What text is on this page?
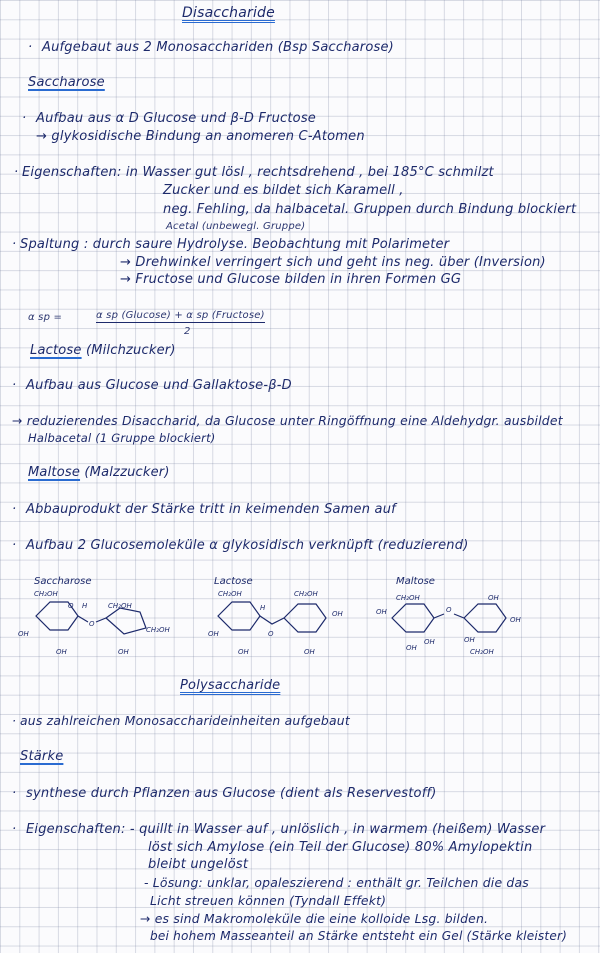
Disaccharide
· Aufgebaut aus 2 Monosacchariden (Bsp Saccharose)
Saccharose
· Aufbau aus α D Glucose und β-D Fructose
→ glykosidische Bindung an anomeren C-Atomen
· Eigenschaften: in Wasser gut lösl , rechtsdrehend , bei 185°C schmilzt
Zucker und es bildet sich Karamell ,
neg. Fehling, da halbacetal. Gruppen durch Bindung blockiert
Acetal (unbewegl. Gruppe)
· Spaltung : durch saure Hydrolyse. Beobachtung mit Polarimeter
→ Drehwinkel verringert sich und geht ins neg. über (Inversion)
→ Fructose und Glucose bilden in ihren Formen GG
α sp =	α sp (Glucose) + α sp (Fructose)
2
Lactose (Milchzucker)
· Aufbau aus Glucose und Gallaktose-β-D
→ reduzierendes Disaccharid, da Glucose unter Ringöffnung eine Aldehydgr. ausbildet
Halbacetal (1 Gruppe blockiert)
Maltose (Malzzucker)
· Abbauprodukt der Stärke tritt in keimenden Samen auf
· Aufbau 2 Glucosemoleküle α glykosidisch verknüpft (reduzierend)
Saccharose
CH₂OH
OH
OH
O H
O
CH₂OH
CH₂OH
OH
Lactose
CH₂OH
OH
OH
H
O
CH₂OH
OH
OH
Maltose
CH₂OH
OH
OH
OH
O
OH
OH
OH
CH₂OH
Polysaccharide
· aus zahlreichen Monosaccharideinheiten aufgebaut
Stärke
· synthese durch Pflanzen aus Glucose (dient als Reservestoff)
· Eigenschaften: - quillt in Wasser auf , unlöslich , in warmem (heißem) Wasser
löst sich Amylose (ein Teil der Glucose) 80% Amylopektin
bleibt ungelöst
- Lösung: unklar, opaleszierend : enthält gr. Teilchen die das
Licht streuen können (Tyndall Effekt)
→ es sind Makromoleküle die eine kolloide Lsg. bilden.
bei hohem Masseanteil an Stärke entsteht ein Gel (Stärke kleister)
